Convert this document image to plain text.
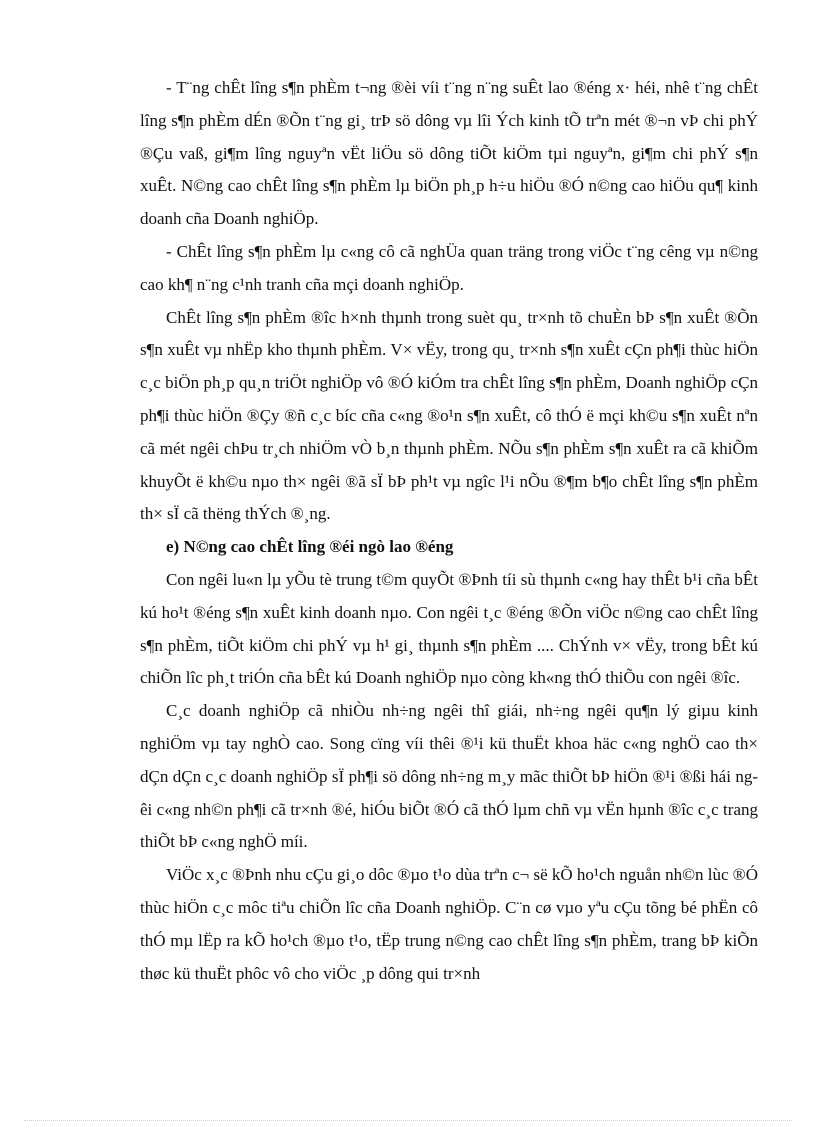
- T¨ng chÊt lîng s¶n phÈm t¬ng ®èi víi t¨ng n¨ng suÊt lao ®éng x· héi, nhê t¨ng chÊt lîng s¶n phÈm dÉn ®Õn t¨ng gi¸ trÞ sö dông vµ lîi Ých kinh tÕ trªn mét ®¬n vÞ chi phÝ ®Çu vaß, gi¶m lîng nguyªn vËt liÖu sö dông tiÕt kiÖm tµi nguyªn, gi¶m chi phÝ s¶n xuÊt. N©ng cao chÊt lîng s¶n phÈm lµ biÖn ph¸p h÷u hiÖu ®Ó n©ng cao hiÖu qu¶ kinh doanh cña Doanh nghiÖp.

- ChÊt lîng s¶n phÈm lµ c«ng cô cã nghÜa quan träng trong viÖc t¨ng cêng vµ n©ng cao kh¶ n¨ng c¹nh tranh cña mçi doanh nghiÖp.

ChÊt lîng s¶n phÈm ®îc h×nh thµnh trong suèt qu¸ tr×nh tõ chuÈn bÞ s¶n xuÊt ®Õn s¶n xuÊt vµ nhËp kho thµnh phÈm. V× vËy, trong qu¸ tr×nh s¶n xuÊt cÇn ph¶i thùc hiÖn c¸c biÖn ph¸p qu¸n triÖt nghiÖp vô ®Ó kiÓm tra chÊt lîng s¶n phÈm, Doanh nghiÖp cÇn ph¶i thùc hiÖn ®Çy ®ñ c¸c bíc cña c«ng ®o¹n s¶n xuÊt, cô thÓ ë mçi kh©u s¶n xuÊt nªn cã mét ngêi chÞu tr¸ch nhiÖm vÒ b¸n thµnh phÈm. NÕu s¶n phÈm s¶n xuÊt ra cã khiÕm khuyÕt ë kh©u nµo th× ngêi ®ã sÏ bÞ ph¹t vµ ngîc l¹i nÕu ®¶m b¶o chÊt lîng s¶n phÈm th× sÏ cã thëng thÝch ®¸ng.

e) N©ng cao chÊt lîng ®éi ngò lao ®éng

Con ngêi lu«n lµ yÕu tè trung t©m quyÕt ®Þnh tíi sù thµnh c«ng hay thÊt b¹i cña bÊt kú ho¹t ®éng s¶n xuÊt kinh doanh nµo. Con ngêi t¸c ®éng ®Õn viÖc n©ng cao chÊt lîng s¶n phÈm, tiÕt kiÖm chi phÝ vµ h¹ gi¸ thµnh s¶n phÈm .... ChÝnh v× vËy, trong bÊt kú chiÕn lîc ph¸t triÓn cña bÊt kú Doanh nghiÖp nµo còng kh«ng thÓ thiÕu con ngêi ®îc.

C¸c doanh nghiÖp cã nhiÒu nh÷ng ngêi thî giái, nh÷ng ngêi qu¶n lý giµu kinh nghiÖm vµ tay nghÒ cao. Song cïng víi thêi ®¹i kü thuËt khoa häc c«ng nghÖ cao th× dÇn dÇn c¸c doanh nghiÖp sÏ ph¶i sö dông nh÷ng m¸y mãc thiÕt bÞ hiÖn ®¹i ®ßi hái ngêi c«ng nh©n ph¶i cã tr×nh ®é, hiÓu biÕt ®Ó cã thÓ lµm chñ vµ vËn hµnh ®îc c¸c trang thiÕt bÞ c«ng nghÖ míi.

ViÖc x¸c ®Þnh nhu cÇu gi¸o dôc ®µo t¹o dùa trªn c¬ së kÕ ho¹ch nguån nh©n lùc ®Ó thùc hiÖn c¸c môc tiªu chiÕn lîc cña Doanh nghiÖp. C¨n cø vµo yªu cÇu tõng bé phËn cô thÓ mµ lËp ra kÕ ho¹ch ®µo t¹o, tËp trung n©ng cao chÊt lîng s¶n phÈm, trang bÞ kiÕn thøc kü thuËt phôc vô cho viÖc ¸p dông qui tr×nh
